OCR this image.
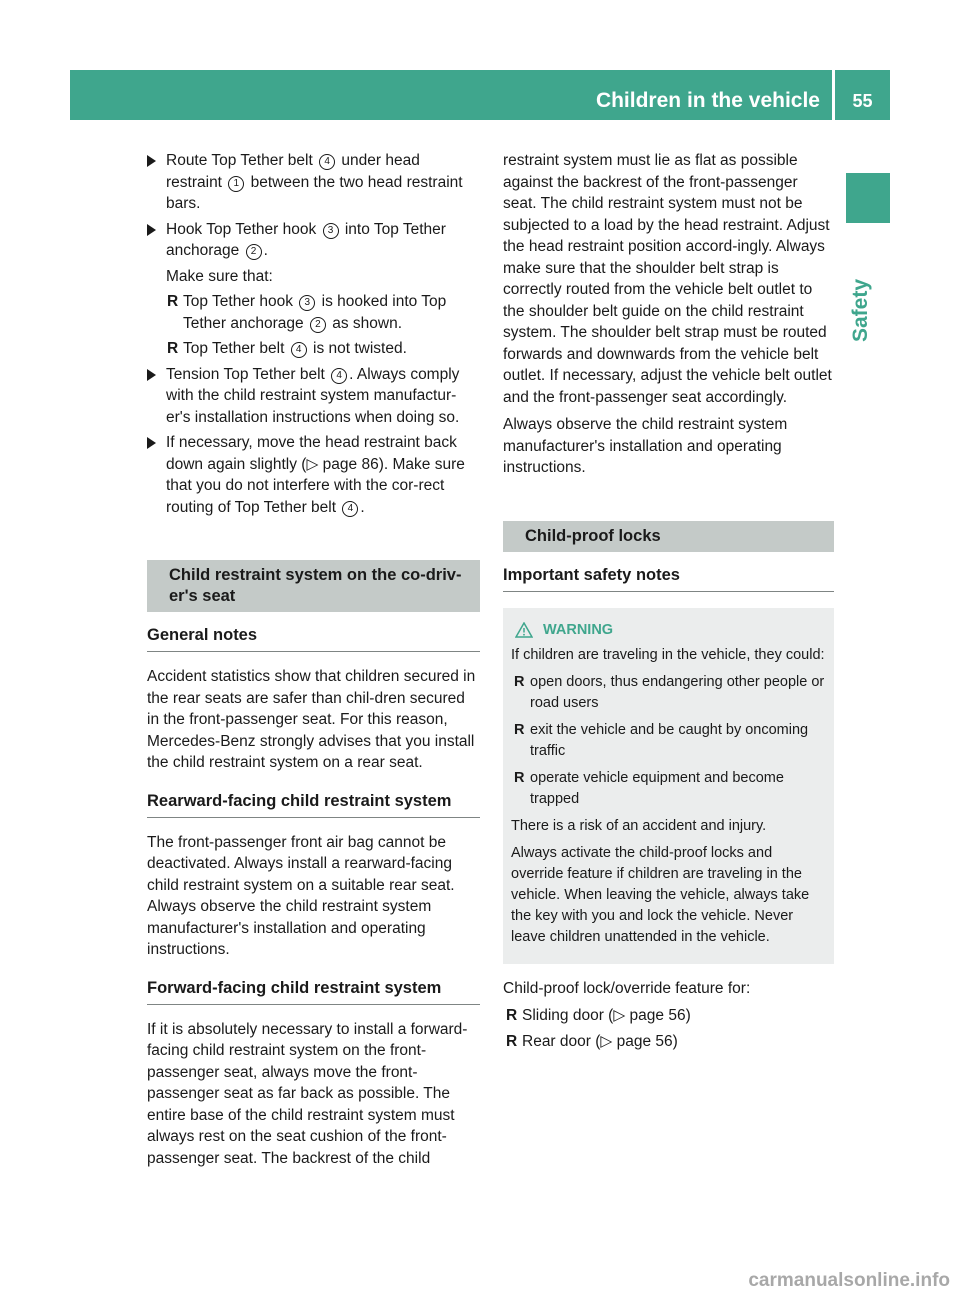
Children in the vehicle	55
Safety
Route Top Tether belt 4 under head restraint 1 between the two head restraint bars.
Hook Top Tether hook 3 into Top Tether anchorage 2 .
Make sure that:
R Top Tether hook 3 is hooked into Top Tether anchorage 2 as shown.
R Top Tether belt 4 is not twisted.
Tension Top Tether belt 4 . Always comply with the child restraint system manufactur-er's installation instructions when doing so.
If necessary, move the head restraint back down again slightly (▷ page 86). Make sure that you do not interfere with the cor-rect routing of Top Tether belt 4 .
Child restraint system on the co-driv-er's seat
General notes

Accident statistics show that children secured in the rear seats are safer than chil-dren secured in the front-passenger seat. For this reason, Mercedes-Benz strongly advises that you install the child restraint system on a rear seat.

Rearward-facing child restraint system

The front-passenger front air bag cannot be deactivated. Always install a rearward-facing child restraint system on a suitable rear seat. Always observe the child restraint system manufacturer's installation and operating instructions.

Forward-facing child restraint system

If it is absolutely necessary to install a forward-facing child restraint system on the front-passenger seat, always move the front-passenger seat as far back as possible. The entire base of the child restraint system must always rest on the seat cushion of the front-passenger seat. The backrest of the child

restraint system must lie as flat as possible against the backrest of the front-passenger seat. The child restraint system must not be subjected to a load by the head restraint. Adjust the head restraint position accord-ingly. Always make sure that the shoulder belt strap is correctly routed from the vehicle belt outlet to the shoulder belt guide on the child restraint system. The shoulder belt strap must be routed forwards and downwards from the vehicle belt outlet. If necessary, adjust the vehicle belt outlet and the front-passenger seat accordingly.

Always observe the child restraint system manufacturer's installation and operating instructions.

Child-proof locks
Important safety notes
WARNING

If children are traveling in the vehicle, they could:

R open doors, thus endangering other people or road users
R exit the vehicle and be caught by oncoming traffic
R operate vehicle equipment and become trapped

There is a risk of an accident and injury.

Always activate the child-proof locks and override feature if children are traveling in the vehicle. When leaving the vehicle, always take the key with you and lock the vehicle. Never leave children unattended in the vehicle.

Child-proof lock/override feature for:

R Sliding door (▷ page 56)
R Rear door (▷ page 56)
carmanualsonline.info
